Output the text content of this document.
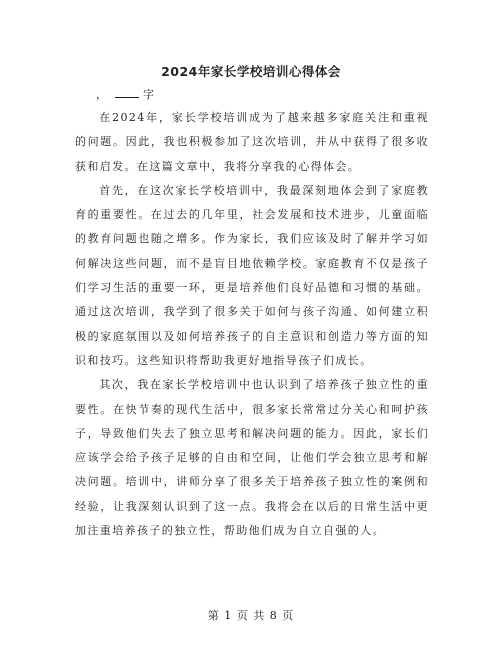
2024年家长学校培训心得体会
，	字

在2024年，家长学校培训成为了越来越多家庭关注和重视的问题。因此，我也积极参加了这次培训，并从中获得了很多收获和启发。在这篇文章中，我将分享我的心得体会。

首先，在这次家长学校培训中，我最深刻地体会到了家庭教育的重要性。在过去的几年里，社会发展和技术进步，儿童面临的教育问题也随之增多。作为家长，我们应该及时了解并学习如何解决这些问题，而不是盲目地依赖学校。家庭教育不仅是孩子们学习生活的重要一环，更是培养他们良好品德和习惯的基础。通过这次培训，我学到了很多关于如何与孩子沟通、如何建立积极的家庭氛围以及如何培养孩子的自主意识和创造力等方面的知识和技巧。这些知识将帮助我更好地指导孩子们成长。

其次，我在家长学校培训中也认识到了培养孩子独立性的重要性。在快节奏的现代生活中，很多家长常常过分关心和呵护孩子，导致他们失去了独立思考和解决问题的能力。因此，家长们应该学会给予孩子足够的自由和空间，让他们学会独立思考和解决问题。培训中，讲师分享了很多关于培养孩子独立性的案例和经验，让我深刻认识到了这一点。我将会在以后的日常生活中更加注重培养孩子的独立性，帮助他们成为自立自强的人。

第 1 页 共 8 页
